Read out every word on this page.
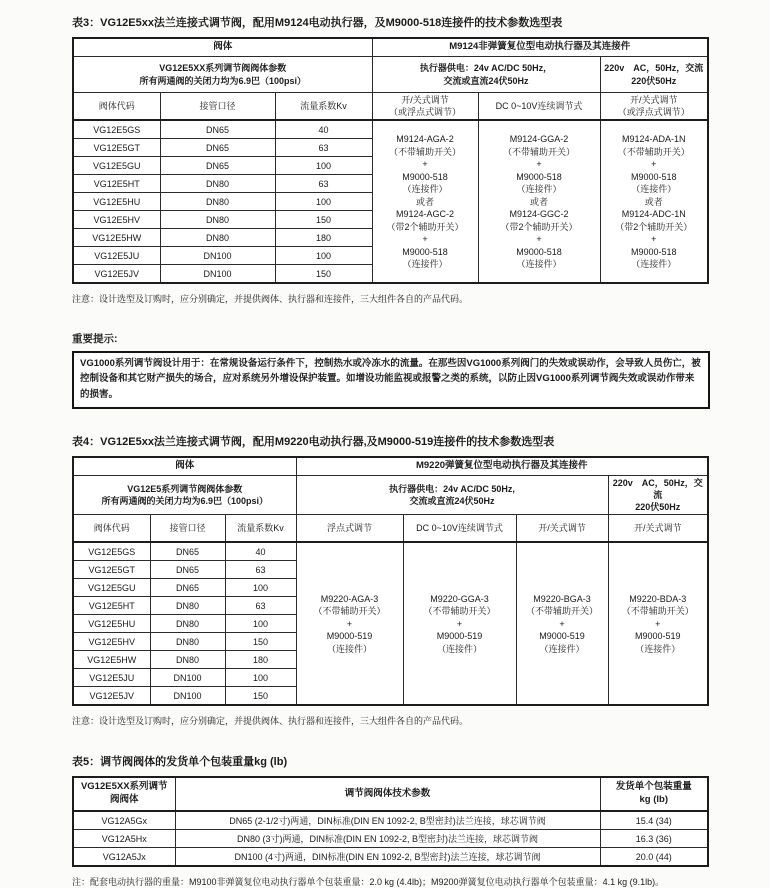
表3：VG12E5xx法兰连接式调节阀，配用M9124电动执行器，及M9000-518连接件的技术参数选型表
阀体			M9124非弹簧复位型电动执行器及其连接件		
VG12E5XX系列调节阀阀体参数
所有两通阀的关闭力均为6.9巴（100psi）			执行器供电：24v AC/DC 50Hz，
交流或直流24伏50Hz		220v　AC，50Hz，交流
220伏50Hz
阀体代码	接管口径	流量系数Kv	开/关式调节
（或浮点式调节）	DC 0~10V连续调节式	开/关式调节
（或浮点式调节）
VG12E5GS	DN65	40	
M9124-AGA-2
（不带辅助开关）
+
M9000-518
（连接件）
或者
M9124-AGC-2
（带2个辅助开关）
+
M9000-518
（连接件）

M9124-GGA-2
（不带辅助开关）
+
M9000-518
（连接件）
或者
M9124-GGC-2
（带2个辅助开关）
+
M9000-518
（连接件）

M9124-ADA-1N
（不带辅助开关）
+
M9000-518
（连接件）
或者
M9124-ADC-1N
（带2个辅助开关）
+
M9000-518
（连接件）

VG12E5GT	DN65	63			
VG12E5GU	DN65	100			
VG12E5HT	DN80	63			
VG12E5HU	DN80	100			
VG12E5HV	DN80	150			
VG12E5HW	DN80	180			
VG12E5JU	DN100	100			
VG12E5JV	DN100	150			
注意：设计选型及订购时，应分别确定，并提供阀体、执行器和连接件，三大组件各自的产品代码。
重要提示:
VG1000系列调节阀设计用于：在常规设备运行条件下，控制热水或冷冻水的流量。在那些因VG1000系列阀门的失效或误动作，会导致人员伤亡，被控制设备和其它财产损失的场合，应对系统另外增设保护装置。如增设功能监视或报警之类的系统，以防止因VG1000系列调节阀失效或误动作带来的损害。
表4：VG12E5xx法兰连接式调节阀，配用M9220电动执行器,及M9000-519连接件的技术参数选型表
阀体			M9220弹簧复位型电动执行器及其连接件			
VG12E5系列调节阀阀体参数
所有两通阀的关闭力均为6.9巴（100psi）			执行器供电：24v AC/DC 50Hz,
交流或直流24伏50Hz			220v　AC，50Hz，交流
220伏50Hz
阀体代码	接管口径	流量系数Kv	浮点式调节	DC 0~10V连续调节式	开/关式调节	开/关式调节
VG12E5GS	DN65	40	
M9220-AGA-3
（不带辅助开关）
+
M9000-519
（连接件）

M9220-GGA-3
（不带辅助开关）
+
M9000-519
（连接件）

M9220-BGA-3
（不带辅助开关）
+
M9000-519
（连接件）

M9220-BDA-3
（不带辅助开关）
+
M9000-519
（连接件）

VG12E5GT	DN65	63				
VG12E5GU	DN65	100				
VG12E5HT	DN80	63				
VG12E5HU	DN80	100				
VG12E5HV	DN80	150				
VG12E5HW	DN80	180				
VG12E5JU	DN100	100				
VG12E5JV	DN100	150				
注意：设计选型及订购时，应分别确定，并提供阀体、执行器和连接件，三大组件各自的产品代码。
表5：调节阀阀体的发货单个包装重量kg (lb)
VG12E5XX系列调节
阀阀体	调节阀阀体技术参数	发货单个包装重量
kg (lb)
VG12A5Gx	DN65 (2-1/2寸)两通，DIN标准(DIN EN 1092-2, B型密封)法兰连接，球芯调节阀	15.4 (34)
VG12A5Hx	DN80 (3寸)两通，DIN标准(DIN EN 1092-2, B型密封)法兰连接，球芯调节阀	16.3 (36)
VG12A5Jx	DN100 (4寸)两通，DIN标准(DIN EN 1092-2, B型密封)法兰连接，球芯调节阀	20.0 (44)
注：配套电动执行器的重量：M9100非弹簧复位电动执行器单个包装重量：2.0 kg (4.4lb)；M9200弹簧复位电动执行器单个包装重量：4.1 kg (9.1lb)。
